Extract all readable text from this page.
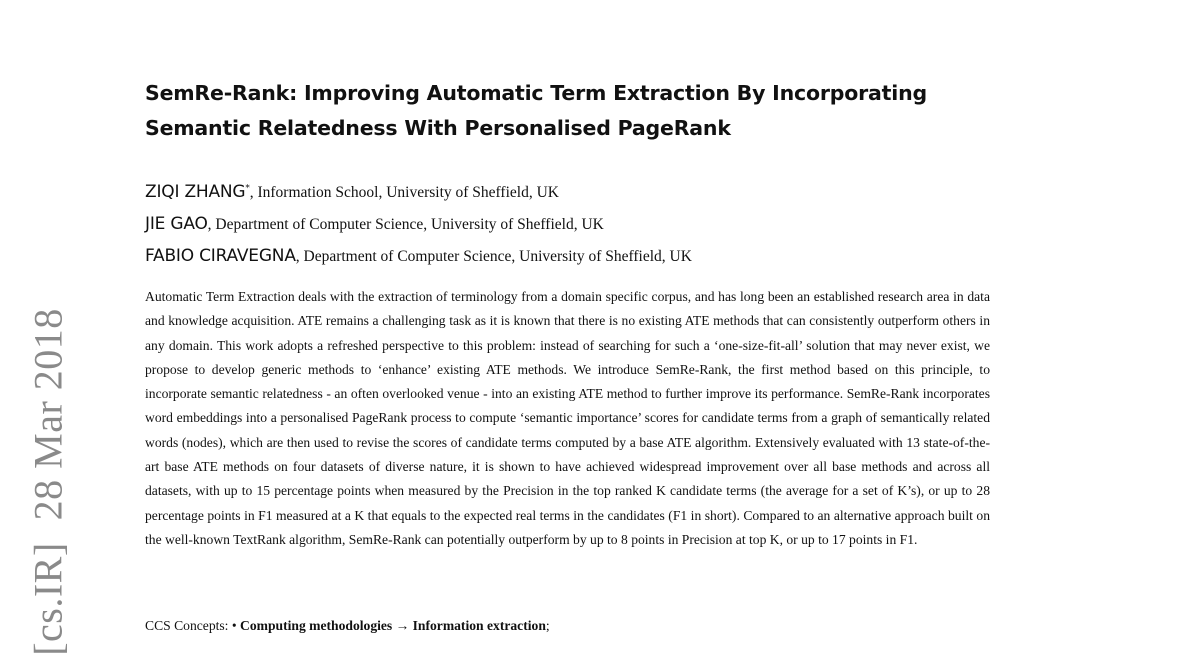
[cs.IR]28 Mar 2018
SemRe-Rank: Improving Automatic Term Extraction By Incorporating
Semantic Relatedness With Personalised PageRank
ZIQI ZHANG*, Information School, University of Sheffield, UK
JIE GAO, Department of Computer Science, University of Sheffield, UK
FABIO CIRAVEGNA, Department of Computer Science, University of Sheffield, UK

Automatic Term Extraction deals with the extraction of terminology from a domain specific corpus, and has long been an established research area in data and knowledge acquisition. ATE remains a challenging task as it is known that there is no existing ATE methods that can consistently outperform others in any domain. This work adopts a refreshed perspective to this problem: instead of searching for such a ‘one-size-fit-all’ solution that may never exist, we propose to develop generic methods to ‘enhance’ existing ATE methods. We introduce SemRe-Rank, the first method based on this principle, to incorporate semantic relatedness - an often overlooked venue - into an existing ATE method to further improve its performance. SemRe-Rank incorporates word embeddings into a personalised PageRank process to compute ‘semantic importance’ scores for candidate terms from a graph of semantically related words (nodes), which are then used to revise the scores of candidate terms computed by a base ATE algorithm. Extensively evaluated with 13 state-of-the-art base ATE methods on four datasets of diverse nature, it is shown to have achieved widespread improvement over all base methods and across all datasets, with up to 15 percentage points when measured by the Precision in the top ranked K candidate terms (the average for a set of K’s), or up to 28 percentage points in F1 measured at a K that equals to the expected real terms in the candidates (F1 in short). Compared to an alternative approach built on the well-known TextRank algorithm, SemRe-Rank can potentially outperform by up to 8 points in Precision at top K, or up to 17 points in F1.

CCS Concepts: • Computing methodologies → Information extraction;
